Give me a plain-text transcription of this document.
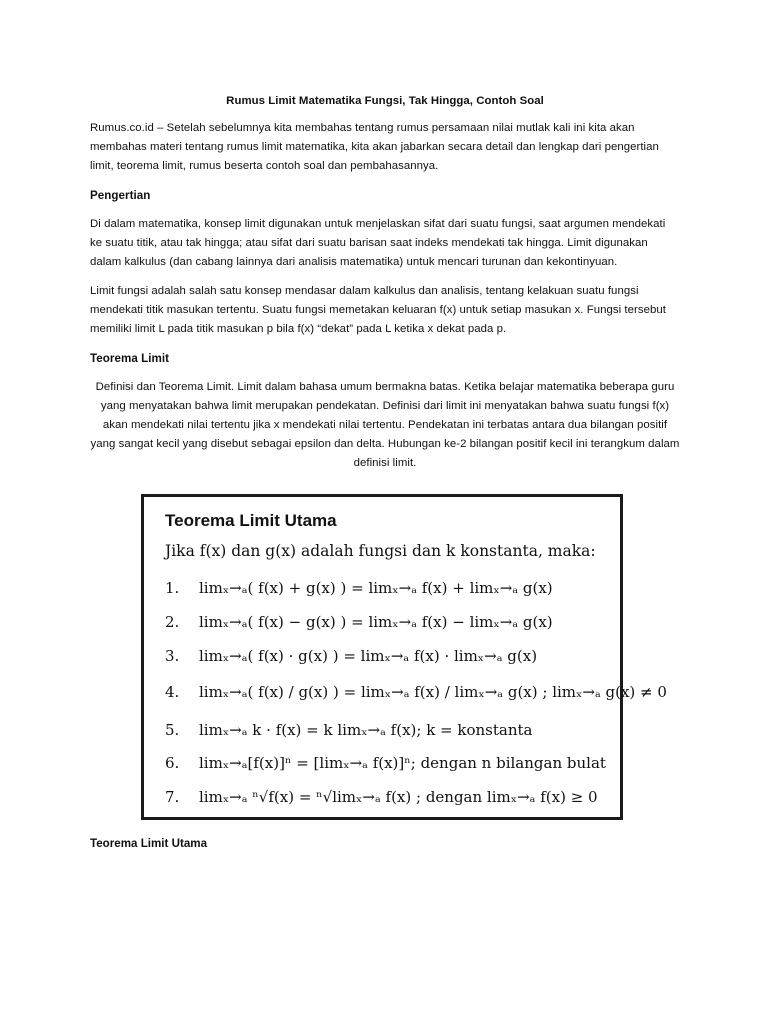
Rumus Limit Matematika Fungsi, Tak Hingga, Contoh Soal

Rumus.co.id – Setelah sebelumnya kita membahas tentang rumus persamaan nilai mutlak kali ini kita akan membahas materi tentang rumus limit matematika, kita akan jabarkan secara detail dan lengkap dari pengertian limit, teorema limit, rumus beserta contoh soal dan pembahasannya.

Pengertian

Di dalam matematika, konsep limit digunakan untuk menjelaskan sifat dari suatu fungsi, saat argumen mendekati ke suatu titik, atau tak hingga; atau sifat dari suatu barisan saat indeks mendekati tak hingga. Limit digunakan dalam kalkulus (dan cabang lainnya dari analisis matematika) untuk mencari turunan dan kekontinyuan.

Limit fungsi adalah salah satu konsep mendasar dalam kalkulus dan analisis, tentang kelakuan suatu fungsi mendekati titik masukan tertentu. Suatu fungsi memetakan keluaran f(x) untuk setiap masukan x. Fungsi tersebut memiliki limit L pada titik masukan p bila f(x) “dekat” pada L ketika x dekat pada p.

Teorema Limit

Definisi dan Teorema Limit. Limit dalam bahasa umum bermakna batas. Ketika belajar matematika beberapa guru yang menyatakan bahwa limit merupakan pendekatan. Definisi dari limit ini menyatakan bahwa suatu fungsi f(x) akan mendekati nilai tertentu jika x mendekati nilai tertentu. Pendekatan ini terbatas antara dua bilangan positif yang sangat kecil yang disebut sebagai epsilon dan delta. Hubungan ke-2 bilangan positif kecil ini terangkum dalam definisi limit.

Teorema Limit Utama
Jika f(x) dan g(x) adalah fungsi dan k konstanta, maka:
1. limₓ→ₐ( f(x) + g(x) ) = limₓ→ₐ f(x) + limₓ→ₐ g(x)
2. limₓ→ₐ( f(x) − g(x) ) = limₓ→ₐ f(x) − limₓ→ₐ g(x)
3. limₓ→ₐ( f(x) · g(x) ) = limₓ→ₐ f(x) · limₓ→ₐ g(x)
4. limₓ→ₐ( f(x) / g(x) ) = limₓ→ₐ f(x) / limₓ→ₐ g(x) ; limₓ→ₐ g(x) ≠ 0
5. limₓ→ₐ k · f(x) = k limₓ→ₐ f(x); k = konstanta
6. limₓ→ₐ[f(x)]ⁿ = [limₓ→ₐ f(x)]ⁿ; dengan n bilangan bulat
7. limₓ→ₐ ⁿ√f(x) = ⁿ√limₓ→ₐ f(x) ; dengan limₓ→ₐ f(x) ≥ 0
Teorema Limit Utama
